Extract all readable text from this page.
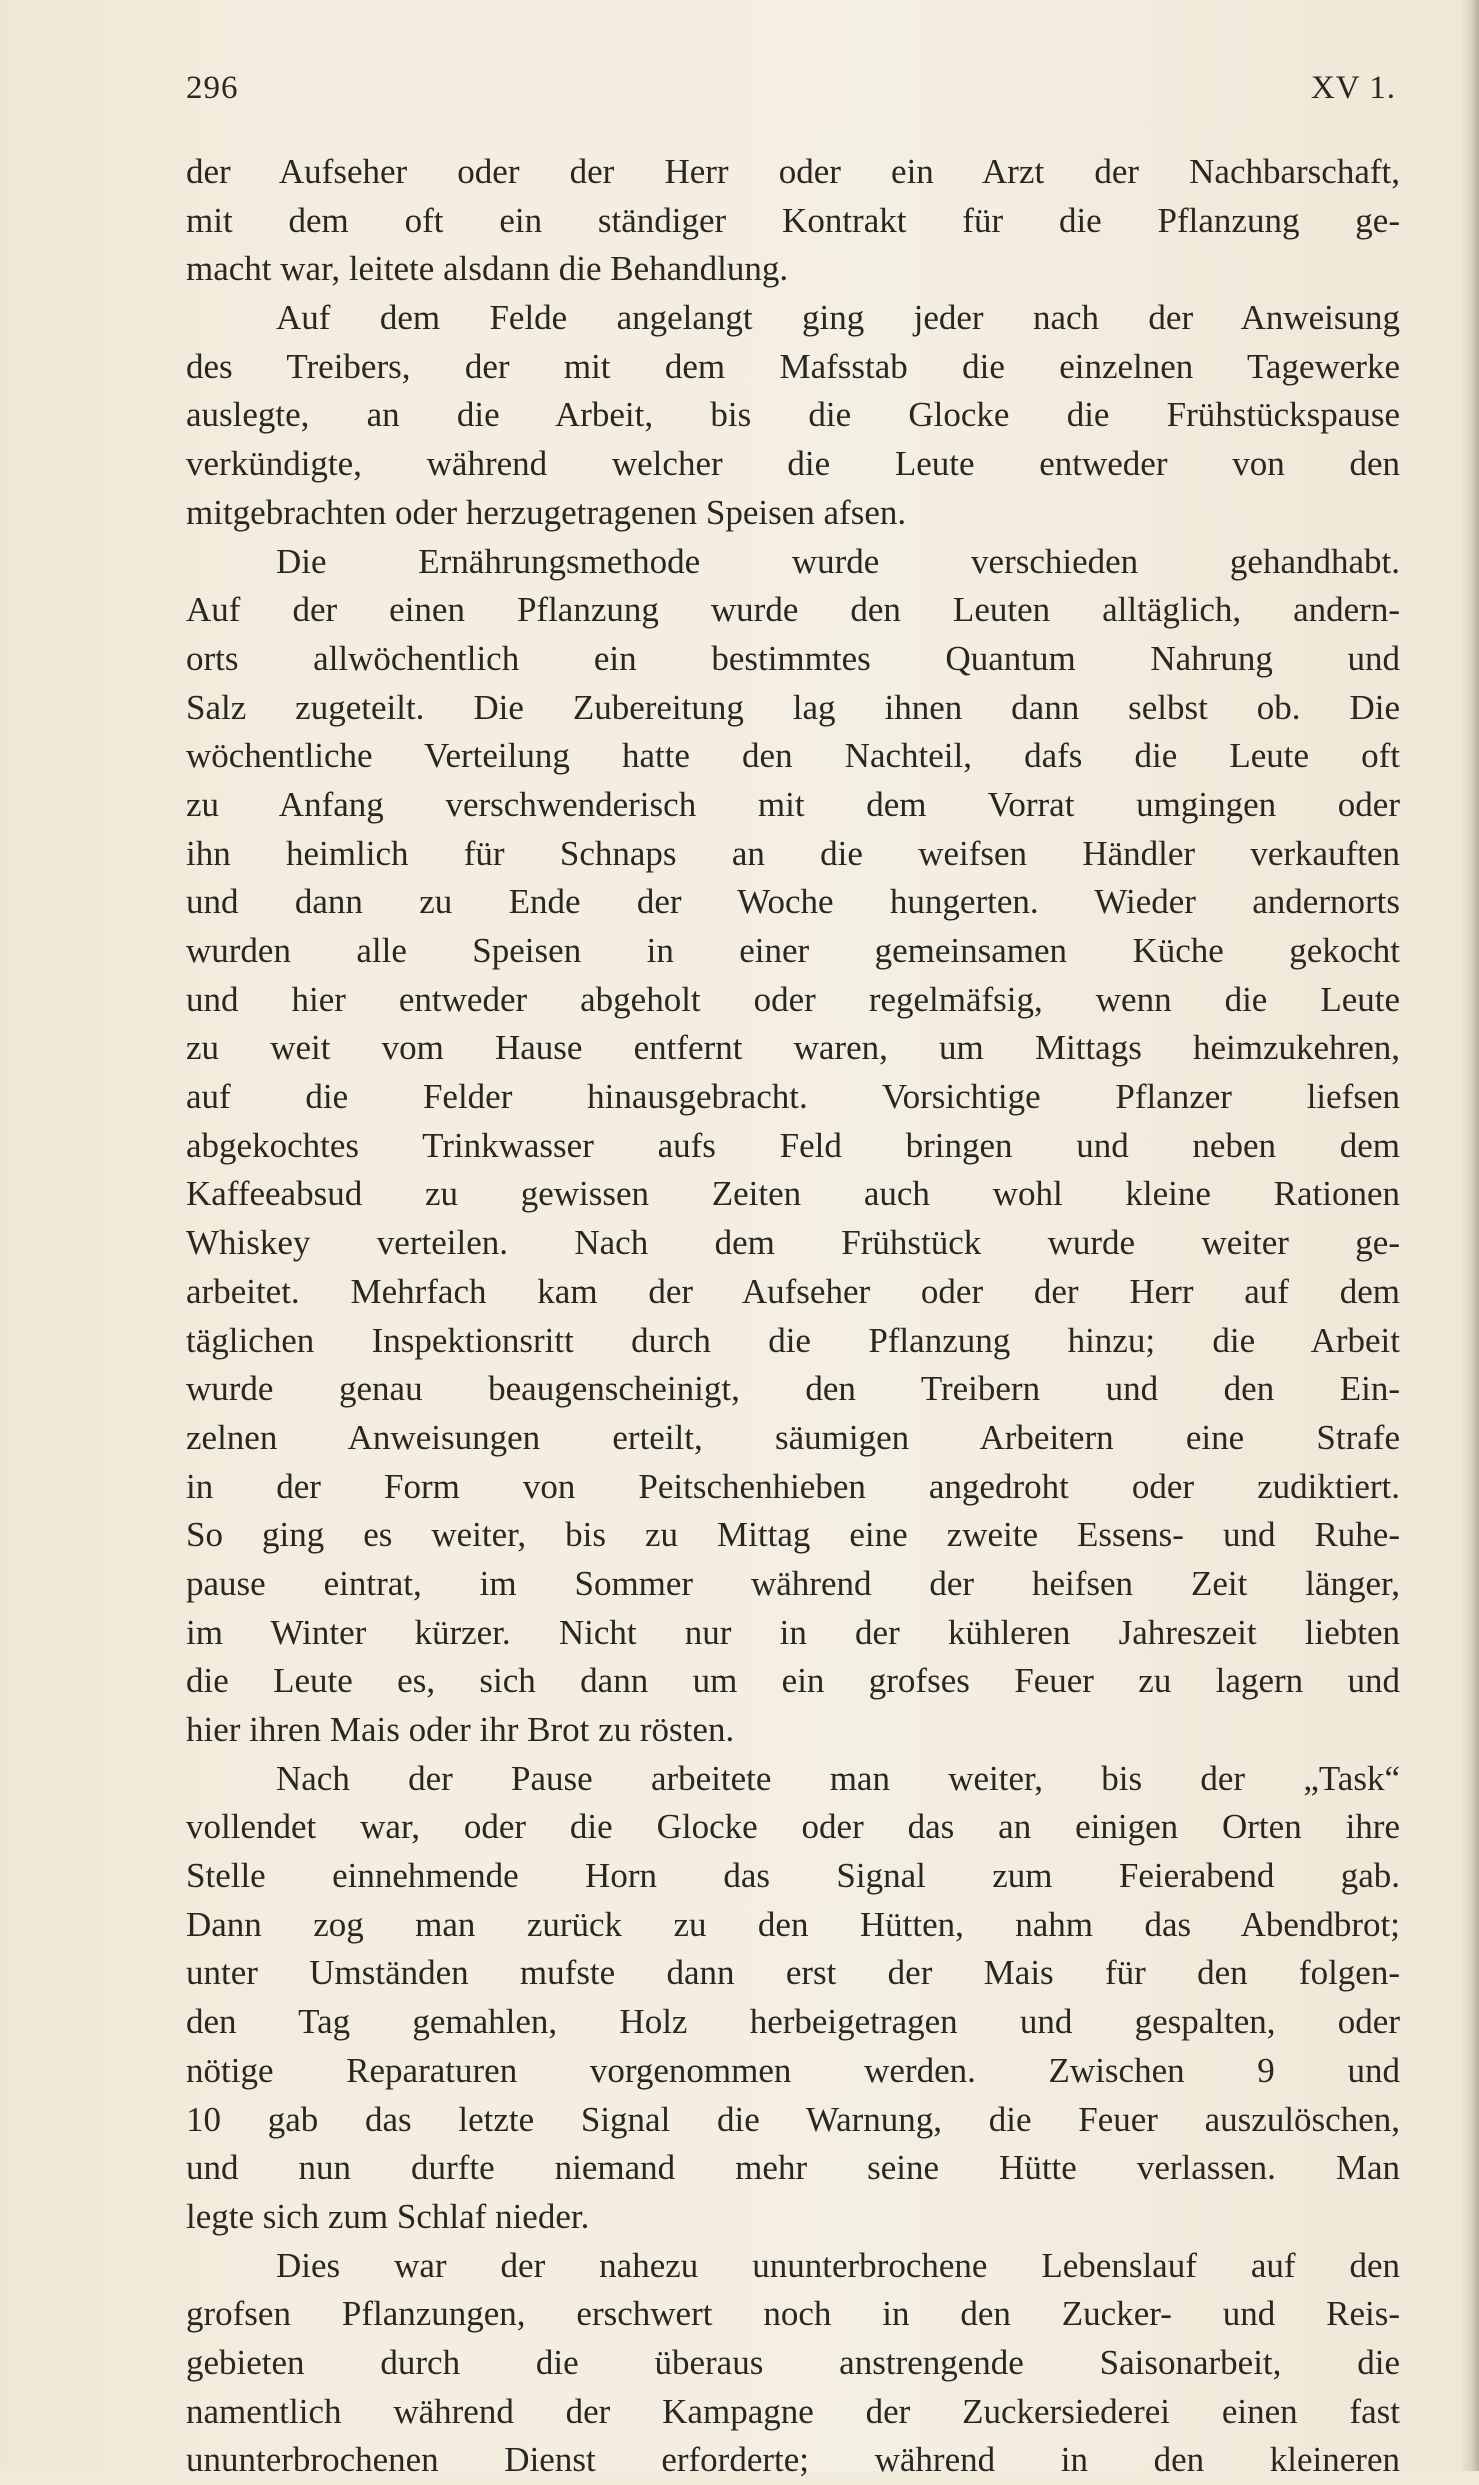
296	XV 1.
der Aufseher oder der Herr oder ein Arzt der Nachbarschaft,
mit dem oft ein ständiger Kontrakt für die Pflanzung ge-
macht war, leitete alsdann die Behandlung.
Auf dem Felde angelangt ging jeder nach der Anweisung
des Treibers, der mit dem Mafsstab die einzelnen Tagewerke
auslegte, an die Arbeit, bis die Glocke die Frühstückspause
verkündigte, während welcher die Leute entweder von den
mitgebrachten oder herzugetragenen Speisen afsen.
Die Ernährungsmethode wurde verschieden gehandhabt.
Auf der einen Pflanzung wurde den Leuten alltäglich, andern-
orts allwöchentlich ein bestimmtes Quantum Nahrung und
Salz zugeteilt. Die Zubereitung lag ihnen dann selbst ob. Die
wöchentliche Verteilung hatte den Nachteil, dafs die Leute oft
zu Anfang verschwenderisch mit dem Vorrat umgingen oder
ihn heimlich für Schnaps an die weifsen Händler verkauften
und dann zu Ende der Woche hungerten. Wieder andernorts
wurden alle Speisen in einer gemeinsamen Küche gekocht
und hier entweder abgeholt oder regelmäfsig, wenn die Leute
zu weit vom Hause entfernt waren, um Mittags heimzukehren,
auf die Felder hinausgebracht. Vorsichtige Pflanzer liefsen
abgekochtes Trinkwasser aufs Feld bringen und neben dem
Kaffeeabsud zu gewissen Zeiten auch wohl kleine Rationen
Whiskey verteilen. Nach dem Frühstück wurde weiter ge-
arbeitet. Mehrfach kam der Aufseher oder der Herr auf dem
täglichen Inspektionsritt durch die Pflanzung hinzu; die Arbeit
wurde genau beaugenscheinigt, den Treibern und den Ein-
zelnen Anweisungen erteilt, säumigen Arbeitern eine Strafe
in der Form von Peitschenhieben angedroht oder zudiktiert.
So ging es weiter, bis zu Mittag eine zweite Essens- und Ruhe-
pause eintrat, im Sommer während der heifsen Zeit länger,
im Winter kürzer. Nicht nur in der kühleren Jahreszeit liebten
die Leute es, sich dann um ein grofses Feuer zu lagern und
hier ihren Mais oder ihr Brot zu rösten.
Nach der Pause arbeitete man weiter, bis der „Task“
vollendet war, oder die Glocke oder das an einigen Orten ihre
Stelle einnehmende Horn das Signal zum Feierabend gab.
Dann zog man zurück zu den Hütten, nahm das Abendbrot;
unter Umständen mufste dann erst der Mais für den folgen-
den Tag gemahlen, Holz herbeigetragen und gespalten, oder
nötige Reparaturen vorgenommen werden. Zwischen 9 und
10 gab das letzte Signal die Warnung, die Feuer auszulöschen,
und nun durfte niemand mehr seine Hütte verlassen. Man
legte sich zum Schlaf nieder.
Dies war der nahezu ununterbrochene Lebenslauf auf den
grofsen Pflanzungen, erschwert noch in den Zucker- und Reis-
gebieten durch die überaus anstrengende Saisonarbeit, die
namentlich während der Kampagne der Zuckersiederei einen fast
ununterbrochenen Dienst erforderte; während in den kleineren
